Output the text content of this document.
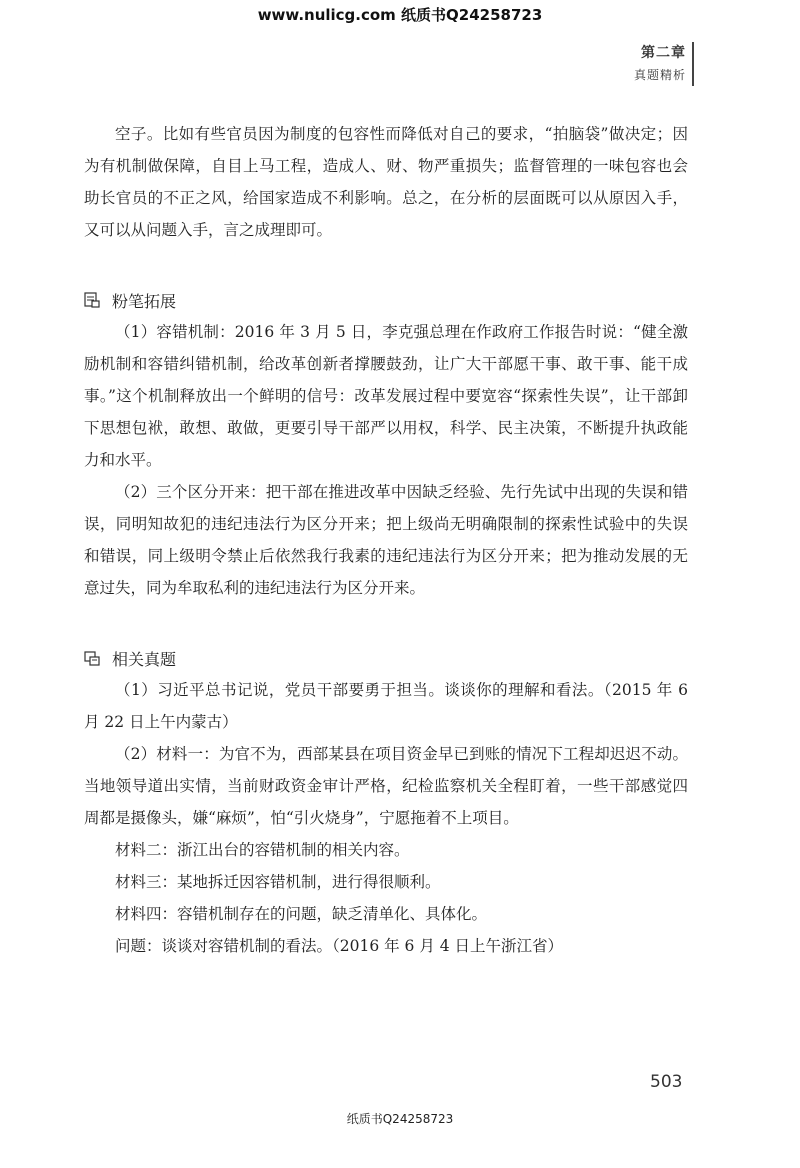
www.nulicg.com 纸质书Q24258723
第二章
真题精析

空子。比如有些官员因为制度的包容性而降低对自己的要求，“拍脑袋”做决定；因为有机制做保障，自目上马工程，造成人、财、物严重损失；监督管理的一味包容也会助长官员的不正之风，给国家造成不利影响。总之，在分析的层面既可以从原因入手，又可以从问题入手，言之成理即可。

粉笔拓展

（1）容错机制：2016 年 3 月 5 日，李克强总理在作政府工作报告时说：“健全激励机制和容错纠错机制，给改革创新者撑腰鼓劲，让广大干部愿干事、敢干事、能干成事。”这个机制释放出一个鲜明的信号：改革发展过程中要宽容“探索性失误”，让干部卸下思想包袱，敢想、敢做，更要引导干部严以用权，科学、民主决策，不断提升执政能力和水平。

（2）三个区分开来：把干部在推进改革中因缺乏经验、先行先试中出现的失误和错误，同明知故犯的违纪违法行为区分开来；把上级尚无明确限制的探索性试验中的失误和错误，同上级明令禁止后依然我行我素的违纪违法行为区分开来；把为推动发展的无意过失，同为牟取私利的违纪违法行为区分开来。

相关真题

（1）习近平总书记说，党员干部要勇于担当。谈谈你的理解和看法。（2015 年 6 月 22 日上午内蒙古）

（2）材料一：为官不为，西部某县在项目资金早已到账的情况下工程却迟迟不动。当地领导道出实情，当前财政资金审计严格，纪检监察机关全程盯着，一些干部感觉四周都是摄像头，嫌“麻烦”，怕“引火烧身”，宁愿拖着不上项目。

材料二：浙江出台的容错机制的相关内容。

材料三：某地拆迁因容错机制，进行得很顺利。

材料四：容错机制存在的问题，缺乏清单化、具体化。

问题：谈谈对容错机制的看法。（2016 年 6 月 4 日上午浙江省）

503
纸质书Q24258723
